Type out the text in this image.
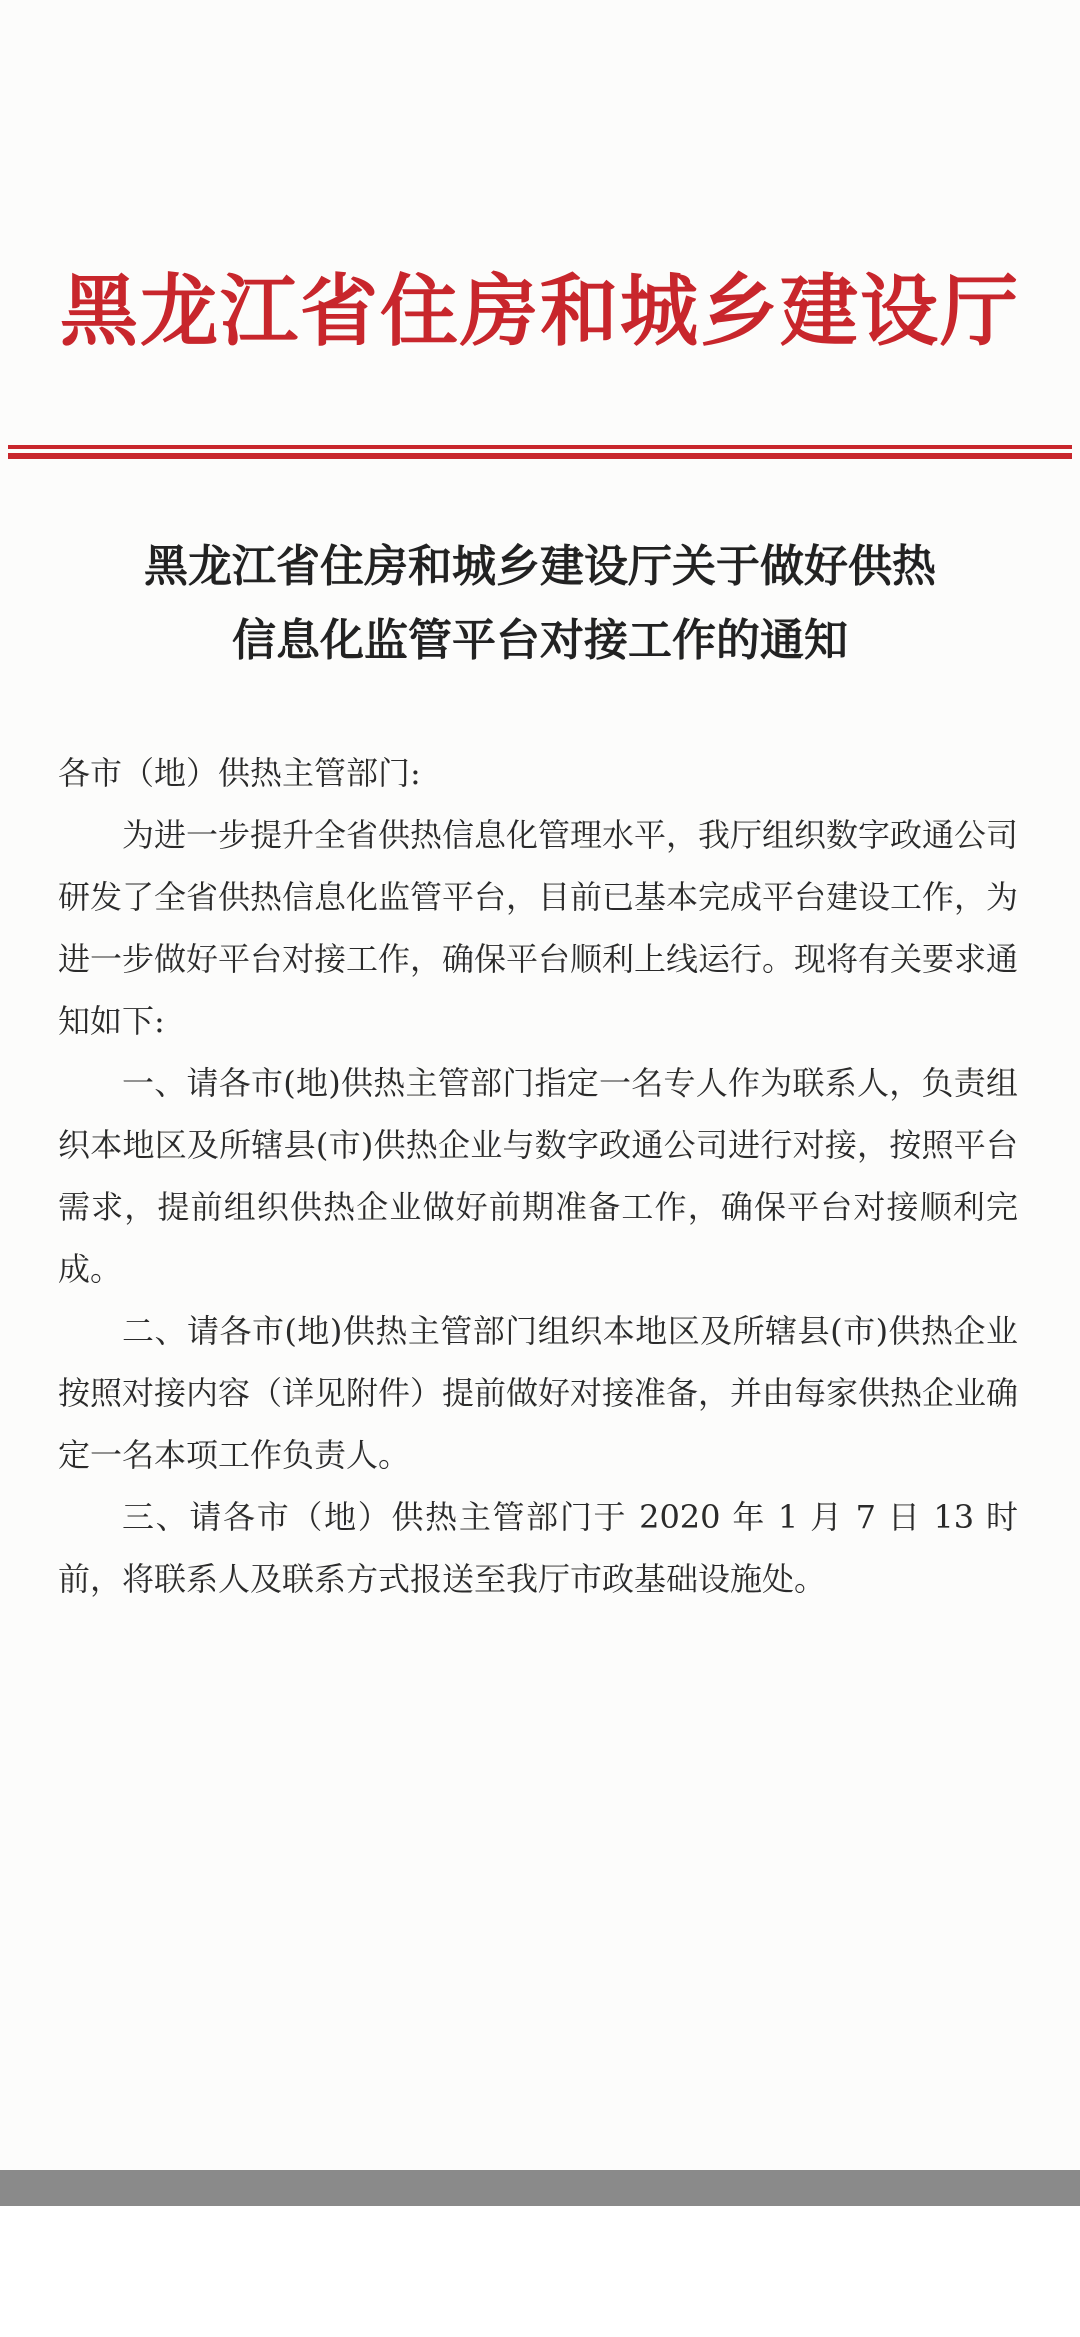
黑龙江省住房和城乡建设厅
黑龙江省住房和城乡建设厅关于做好供热
信息化监管平台对接工作的通知

各市（地）供热主管部门:

为进一步提升全省供热信息化管理水平，我厅组织数字政通公司研发了全省供热信息化监管平台，目前已基本完成平台建设工作，为进一步做好平台对接工作，确保平台顺利上线运行。现将有关要求通知如下:

一、请各市(地)供热主管部门指定一名专人作为联系人，负责组织本地区及所辖县(市)供热企业与数字政通公司进行对接，按照平台需求，提前组织供热企业做好前期准备工作，确保平台对接顺利完成。

二、请各市(地)供热主管部门组织本地区及所辖县(市)供热企业按照对接内容（详见附件）提前做好对接准备，并由每家供热企业确定一名本项工作负责人。

三、请各市（地）供热主管部门于 2020 年 1 月 7 日 13 时前，将联系人及联系方式报送至我厅市政基础设施处。
